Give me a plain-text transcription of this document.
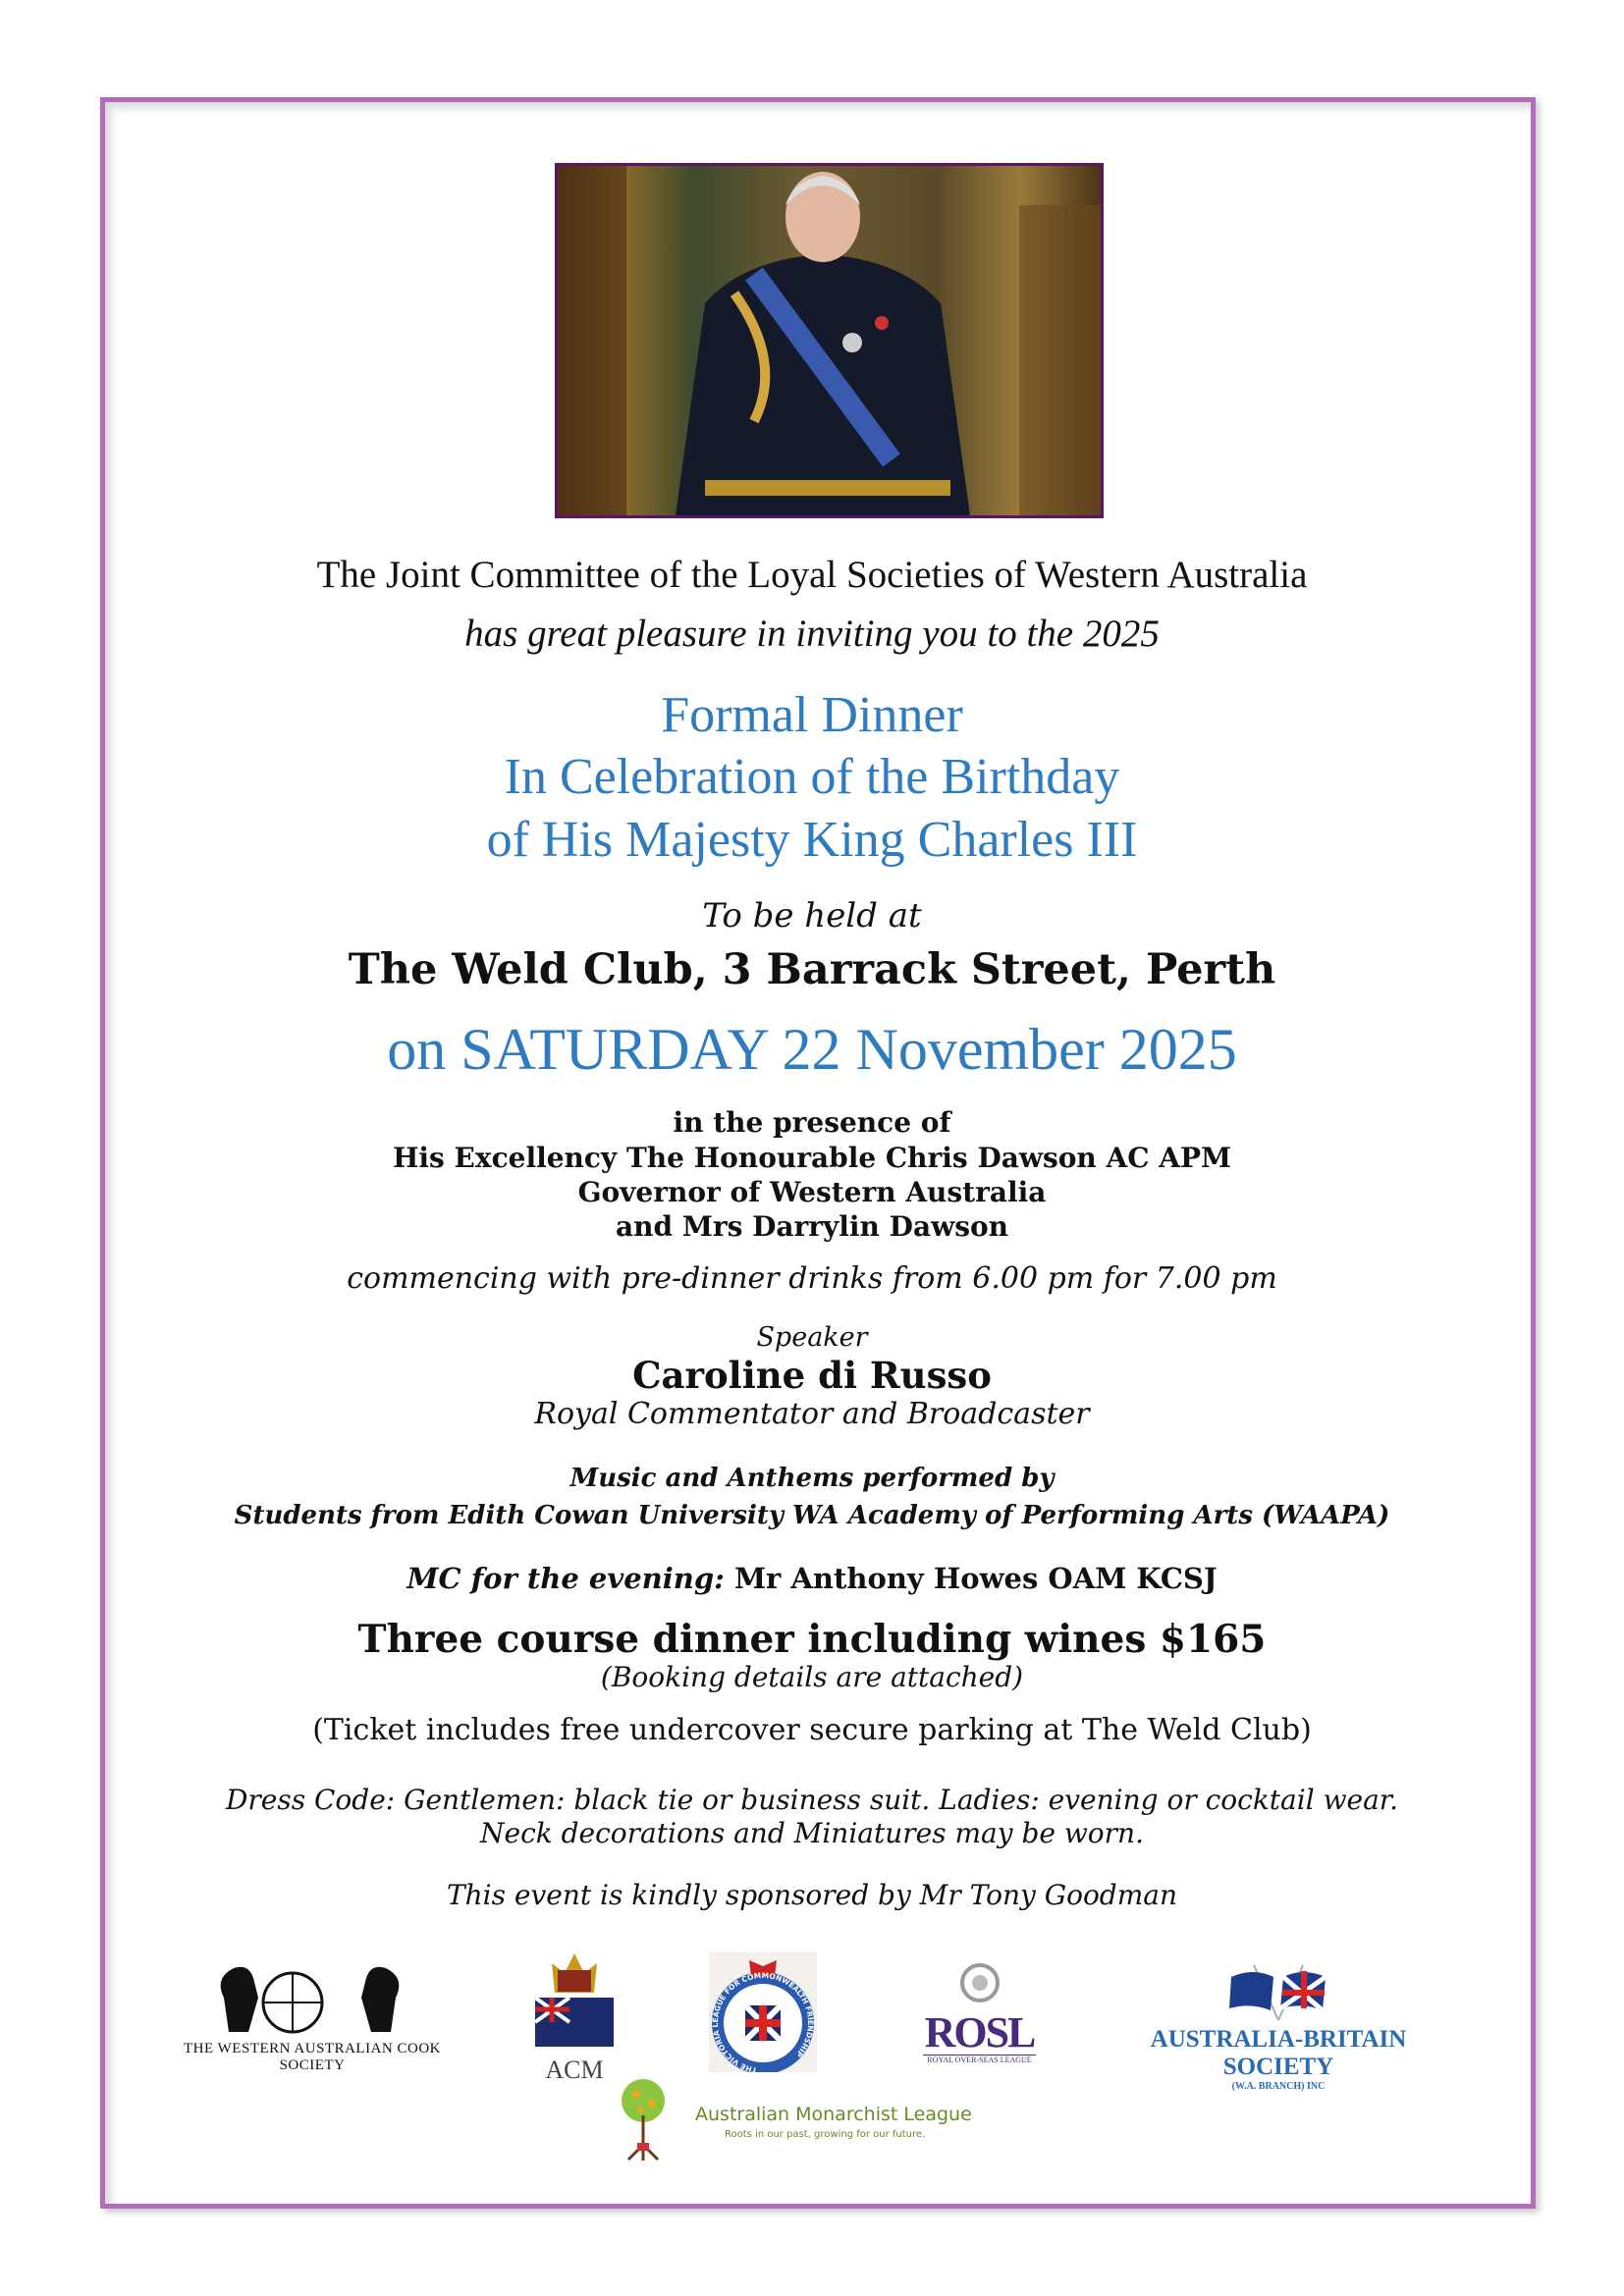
The Joint Committee of the Loyal Societies of Western Australia
has great pleasure in inviting you to the 2025
Formal Dinner
In Celebration of the Birthday
of His Majesty King Charles III
To be held at
The Weld Club, 3 Barrack Street, Perth
on SATURDAY 22 November 2025
in the presence of
His Excellency The Honourable Chris Dawson AC APM
Governor of Western Australia
and Mrs Darrylin Dawson
commencing with pre-dinner drinks from 6.00 pm for 7.00 pm
Speaker
Caroline di Russo
Royal Commentator and Broadcaster
Music and Anthems performed by
Students from Edith Cowan University WA Academy of Performing Arts (WAAPA)
MC for the evening: Mr Anthony Howes OAM KCSJ
Three course dinner including wines $165
(Booking details are attached)
(Ticket includes free undercover secure parking at The Weld Club)
Dress Code: Gentlemen: black tie or business suit. Ladies: evening or cocktail wear.
Neck decorations and Miniatures may be worn.
This event is kindly sponsored by Mr Tony Goodman
THE WESTERN AUSTRALIAN COOK SOCIETY	ACM	THE VICTORIA LEAGUE FOR COMMONWEALTH FRIENDSHIP	ROSL
ROYAL OVER-SEAS LEAGUE
AUSTRALIA-BRITAIN SOCIETY
(W.A. BRANCH) INC
Australian Monarchist League
Roots in our past, growing for our future.
